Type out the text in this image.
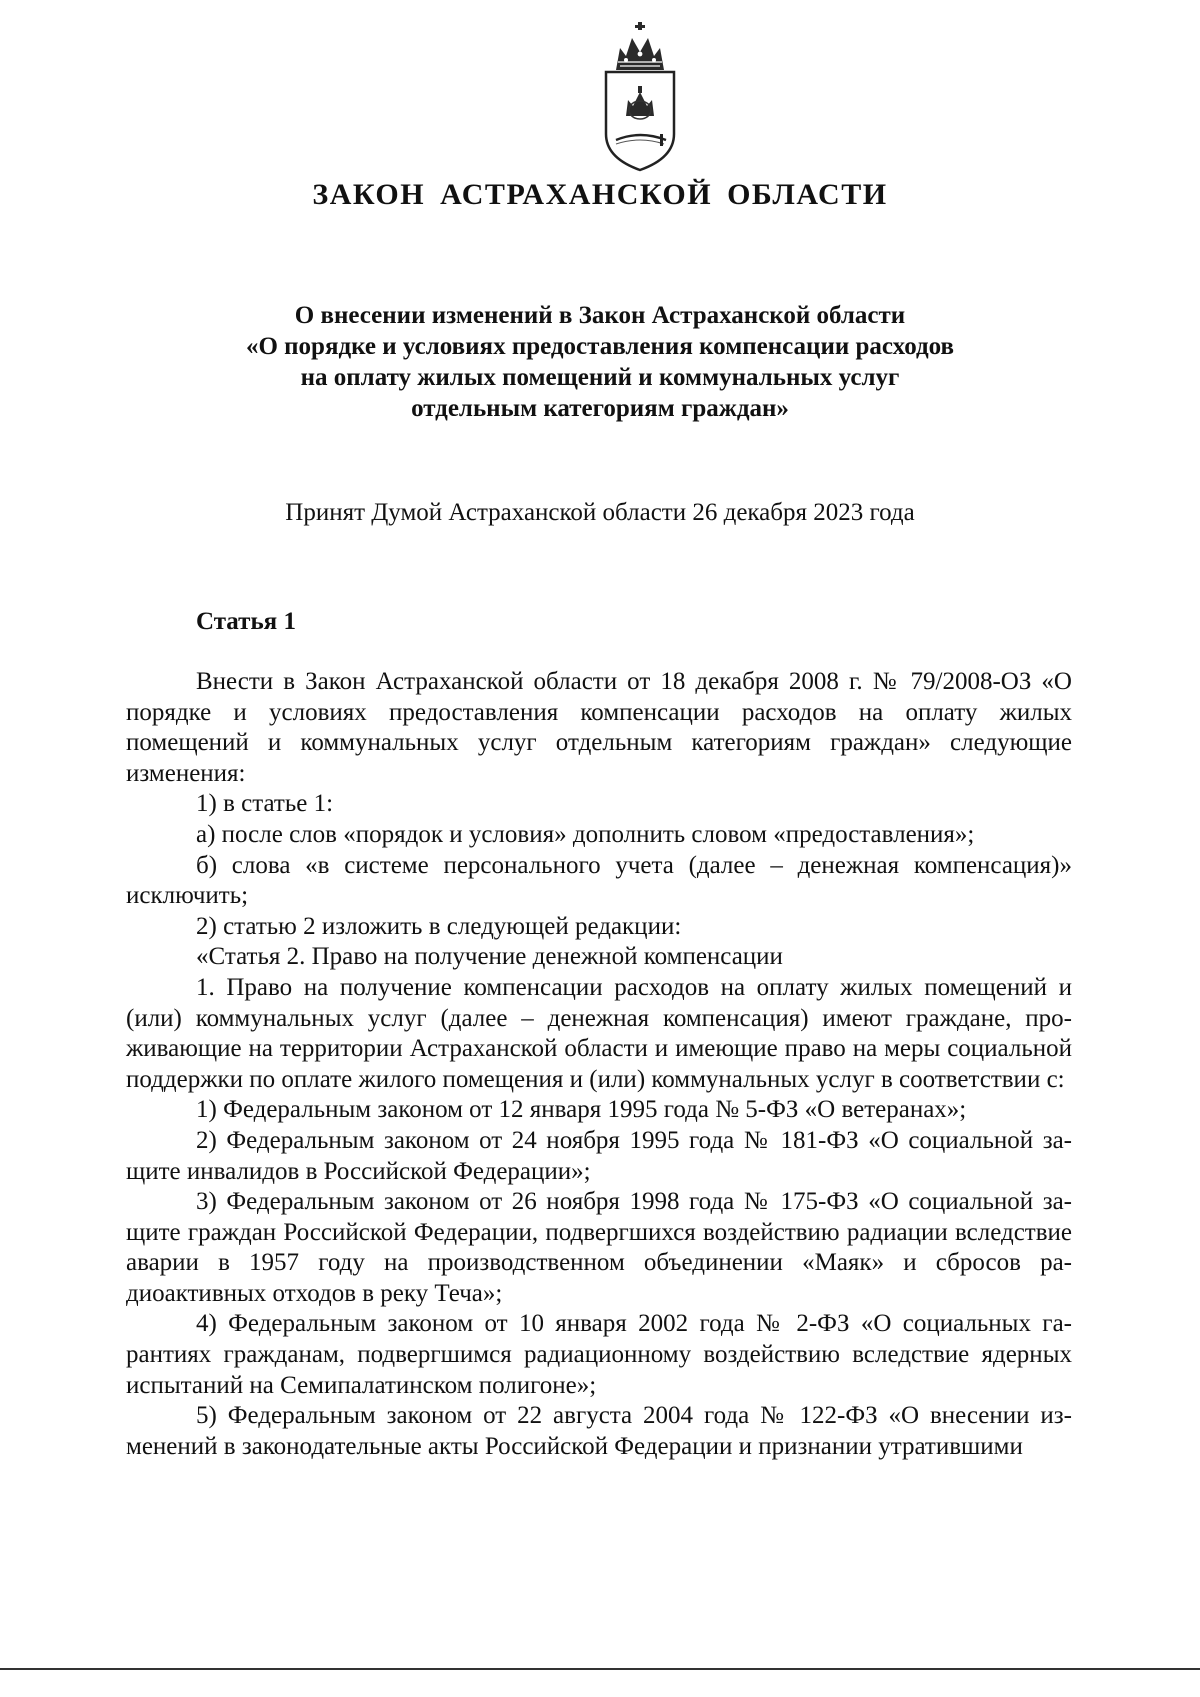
ЗАКОН АСТРАХАНСКОЙ ОБЛАСТИ
О внесении изменений в Закон Астраханской области
«О порядке и условиях предоставления компенсации расходов
на оплату жилых помещений и коммунальных услуг
отдельным категориям граждан»
Принят Думой Астраханской области 26 декабря 2023 года
Статья 1

Внести в Закон Астраханской области от 18 декабря 2008 г. № 79/2008-ОЗ «О порядке и условиях предоставления компенсации расходов на оплату жилых помещений и коммунальных услуг отдельным категориям граждан» следующие изменения:

1) в статье 1:

а) после слов «порядок и условия» дополнить словом «предоставления»;

б) слова «в системе персонального учета (далее – денежная компенсация)» исключить;

2) статью 2 изложить в следующей редакции:

«Статья 2. Право на получение денежной компенсации

1. Право на получение компенсации расходов на оплату жилых помещений и (или) коммунальных услуг (далее – денежная компенсация) имеют граждане, проживающие на территории Астраханской области и имеющие право на меры социальной поддержки по оплате жилого помещения и (или) коммунальных услуг в соответствии с:

1) Федеральным законом от 12 января 1995 года № 5-ФЗ «О ветеранах»;

2) Федеральным законом от 24 ноября 1995 года № 181-ФЗ «О социальной защите инвалидов в Российской Федерации»;

3) Федеральным законом от 26 ноября 1998 года № 175-ФЗ «О социальной защите граждан Российской Федерации, подвергшихся воздействию радиации вследствие аварии в 1957 году на производственном объединении «Маяк» и сбросов радиоактивных отходов в реку Теча»;

4) Федеральным законом от 10 января 2002 года № 2-ФЗ «О социальных гарантиях гражданам, подвергшимся радиационному воздействию вследствие ядерных испытаний на Семипалатинском полигоне»;

5) Федеральным законом от 22 августа 2004 года № 122-ФЗ «О внесении изменений в законодательные акты Российской Федерации и признании утратившими
